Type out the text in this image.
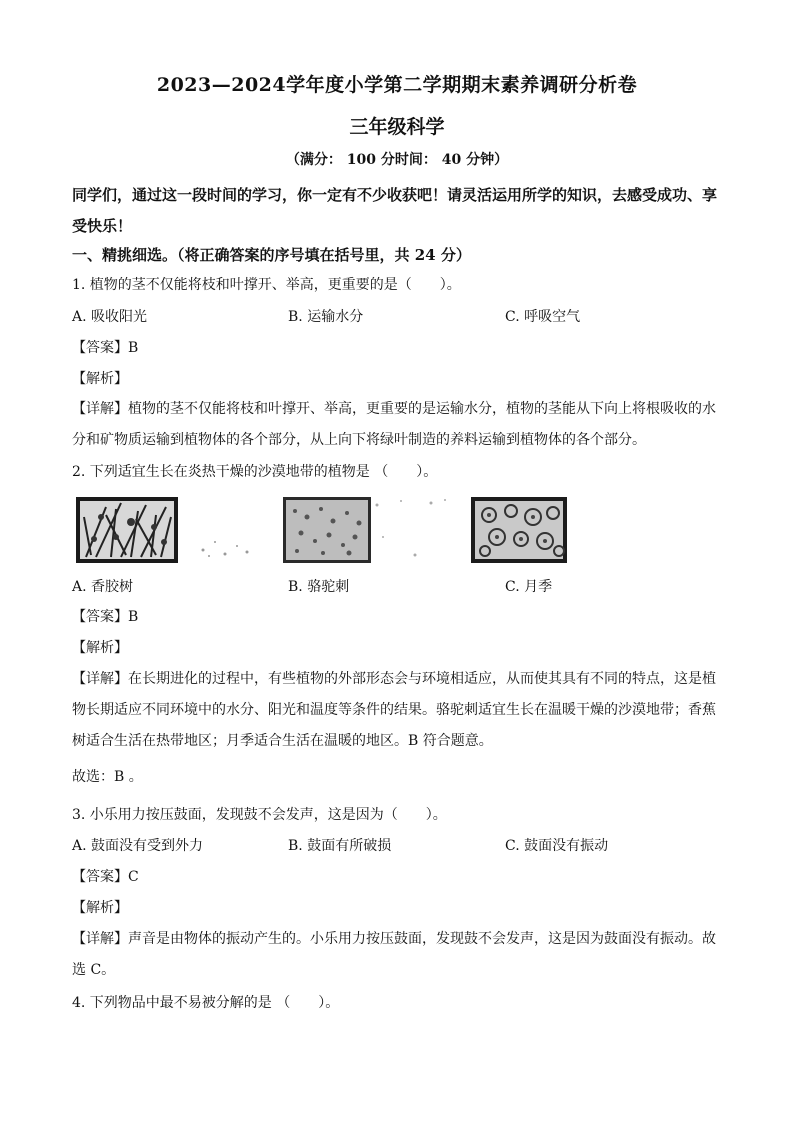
2023—2024学年度小学第二学期期末素养调研分析卷
三年级科学
（满分： 100 分时间： 40 分钟）
同学们，通过这一段时间的学习，你一定有不少收获吧！请灵活运用所学的知识，去感受成功、享受快乐！
一、精挑细选。（将正确答案的序号填在括号里，共 24 分）
1. 植物的茎不仅能将枝和叶撑开、举高，更重要的是（　　）。
A. 吸收阳光	B. 运输水分	C. 呼吸空气
【答案】B
【解析】
【详解】植物的茎不仅能将枝和叶撑开、举高，更重要的是运输水分，植物的茎能从下向上将根吸收的水分和矿物质运输到植物体的各个部分，从上向下将绿叶制造的养料运输到植物体的各个部分。
2. 下列适宜生长在炎热干燥的沙漠地带的植物是 （　　）。
A. 香胶树	B. 骆驼刺	C. 月季
【答案】B
【解析】
【详解】在长期进化的过程中，有些植物的外部形态会与环境相适应，从而使其具有不同的特点，这是植物长期适应不同环境中的水分、阳光和温度等条件的结果。骆驼刺适宜生长在温暖干燥的沙漠地带；香蕉树适合生活在热带地区；月季适合生活在温暖的地区。B 符合题意。
故选：B 。
3. 小乐用力按压鼓面，发现鼓不会发声，这是因为（　　）。
A. 鼓面没有受到外力	B. 鼓面有所破损	C. 鼓面没有振动
【答案】C
【解析】
【详解】声音是由物体的振动产生的。小乐用力按压鼓面，发现鼓不会发声，这是因为鼓面没有振动。故选 C。
4. 下列物品中最不易被分解的是 （　　）。
